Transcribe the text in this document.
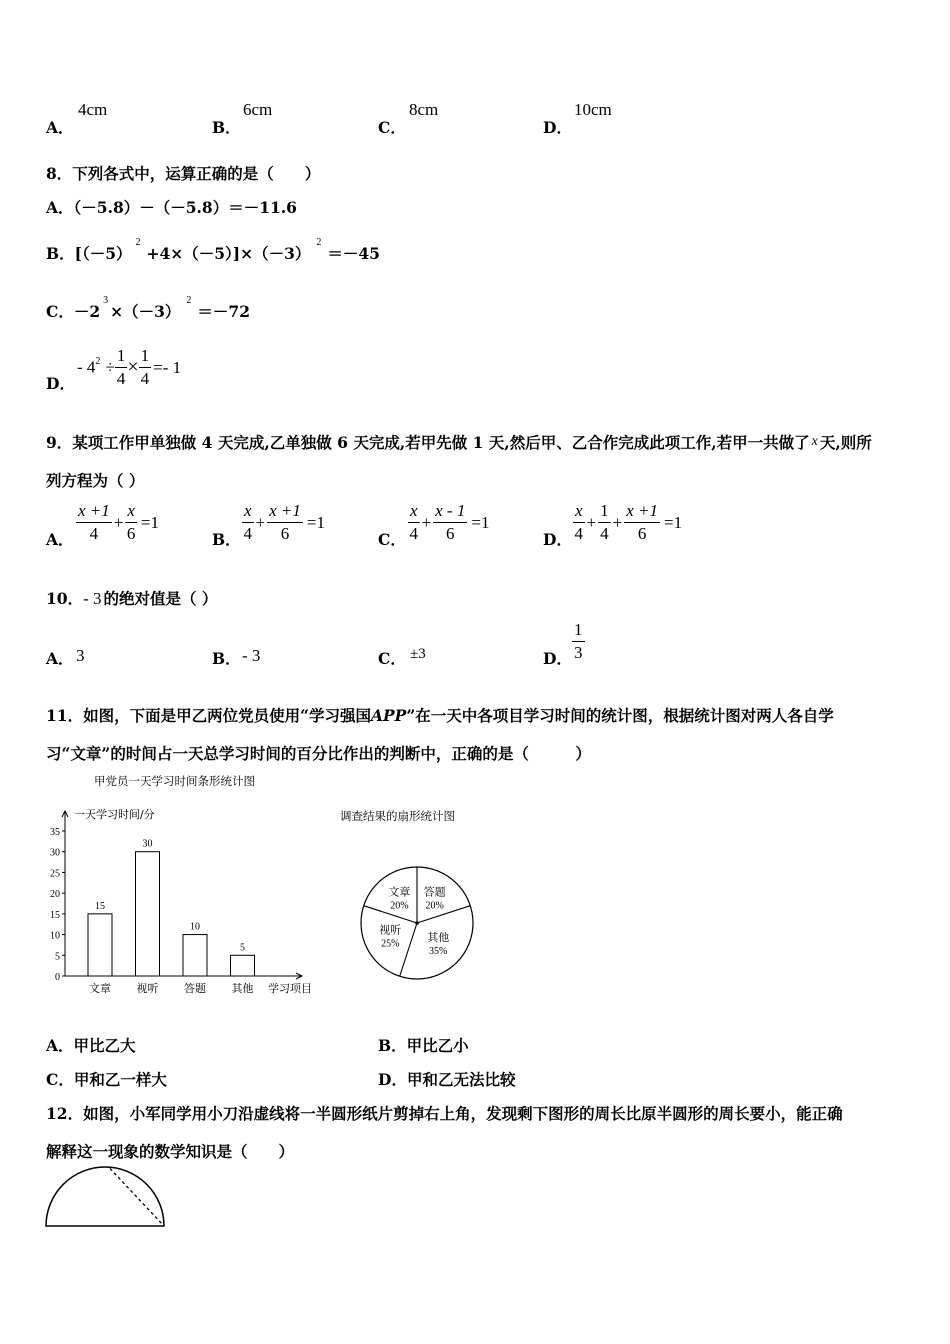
A．
4cm
B．
6cm
C．
8cm
D．
10cm
8．下列各式中，运算正确的是（　　）
A．（－5.8）－（－5.8）＝－11.6
B．$[(-5)^2+4\times(-5)]\times(-3)^2=-45$
C．$-2^3\times(-3)^2=-72$
D．
- $4^2 \div \frac{1}{4} \times \frac{1}{4} =- 1$
9．某项工作甲单独做 4 天完成,乙单独做 6 天完成,若甲先做 1 天,然后甲、乙合作完成此项工作,若甲一共做了 x 天,则所
列方程为（ ）
A． $\frac{x +1}{4} + \frac{x}{6} =1$
B． $\frac{x}{4} + \frac{x +1}{6} =1$
C． $\frac{x}{4} + \frac{x - 1}{6} =1$
D． $\frac{x}{4} + \frac{1}{4} + \frac{x +1}{6} =1$
10．- 3 的绝对值是（ ）
A． 3	B． - 3	C． ±3	D． $\frac{1}{3}$
11．如图，下面是甲乙两位党员使用“学习强国APP”在一天中各项目学习时间的统计图，根据统计图对两人各自学
习“文章”的时间占一天总学习时间的百分比作出的判断中，正确的是（　　　）
甲党员一天学习时间条形统计图
一天学习时间/分
学习项目
0
5
10
15
20
25
30
35
15
文章
30
视听
10
答题
5
其他
调查结果的扇形统计图
答题
20%
其他
35%
视听
25%
文章
20%
A．甲比乙大	B．甲比乙小
C．甲和乙一样大	D．甲和乙无法比较
12．如图，小军同学用小刀沿虚线将一半圆形纸片剪掉右上角，发现剩下图形的周长比原半圆形的周长要小，能正确
解释这一现象的数学知识是（　　）
